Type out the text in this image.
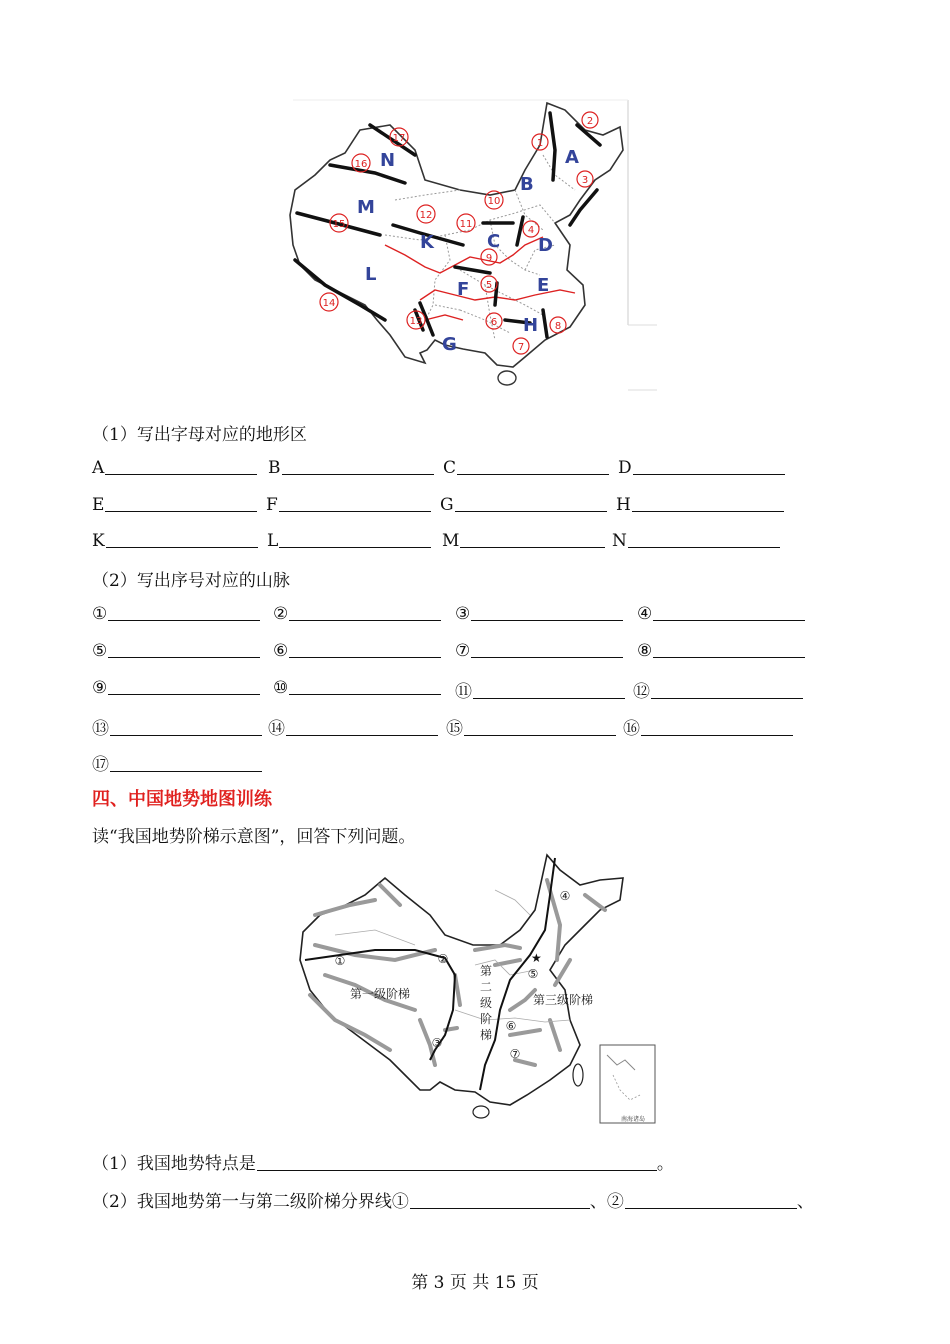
A
B
C D
E
F
G
H
K
L
M
N
1
2
3
4
5
6
7
8
9
10
11
12
13
14
15
16
17
（1）写出字母对应的地形区
A	B	C	D
E	F	G	H
K	L	M	N
（2）写出序号对应的山脉
①	②	③	④
⑤	⑥	⑦	⑧
⑨	⑩	⑪	⑫
⑬	⑭	⑮	⑯
⑰
四、中国地势地图训练
读“我国地势阶梯示意图”，回答下列问题。
南海诸岛
第一级阶梯	第三级阶梯
第
二
级
阶
梯
★
①	②
③
④
⑤
⑥
⑦
（1）我国地势特点是	。
（2）我国地势第一与第二级阶梯分界线①	、②	、
第 3 页 共 15 页
